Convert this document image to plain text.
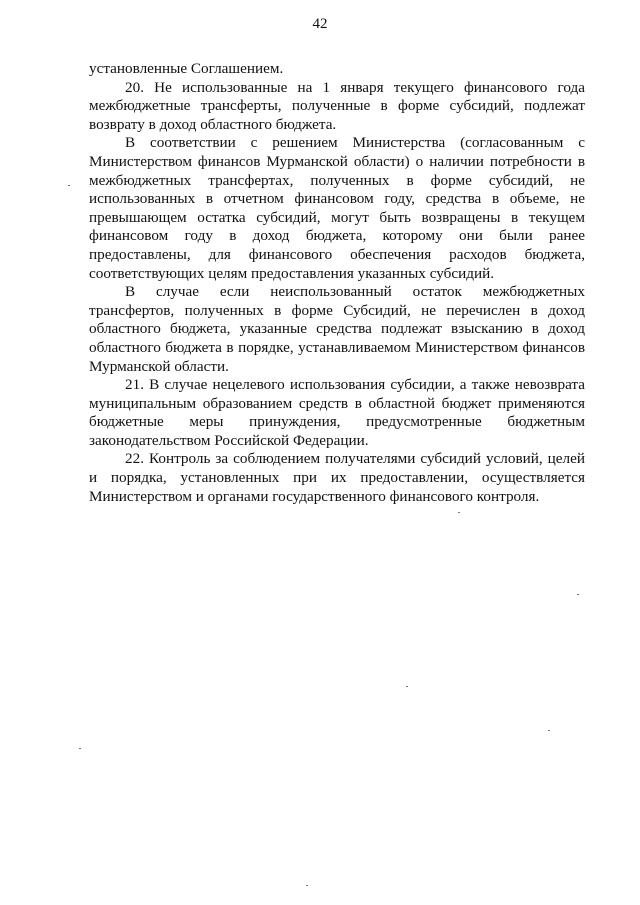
42

установленные Соглашением.

20. Не использованные на 1 января текущего финансового года
межбюджетные трансферты, полученные в форме субсидий, подлежат
возврату в доход областного бюджета.

В соответствии с решением Министерства (согласованным с
Министерством финансов Мурманской области) о наличии потребности в
межбюджетных трансфертах, полученных в форме субсидий, не
использованных в отчетном финансовом году, средства в объеме, не
превышающем остатка субсидий, могут быть возвращены в текущем
финансовом году в доход бюджета, которому они были ранее
предоставлены, для финансового обеспечения расходов бюджета,
соответствующих целям предоставления указанных субсидий.

В случае если неиспользованный остаток межбюджетных
трансфертов, полученных в форме Субсидий, не перечислен в доход
областного бюджета, указанные средства подлежат взысканию в доход
областного бюджета в порядке, устанавливаемом Министерством финансов
Мурманской области.

21. В случае нецелевого использования субсидии, а также невозврата
муниципальным образованием средств в областной бюджет применяются
бюджетные меры принуждения, предусмотренные бюджетным
законодательством Российской Федерации.

22. Контроль за соблюдением получателями субсидий условий, целей
и порядка, установленных при их предоставлении, осуществляется
Министерством и органами государственного финансового контроля.
